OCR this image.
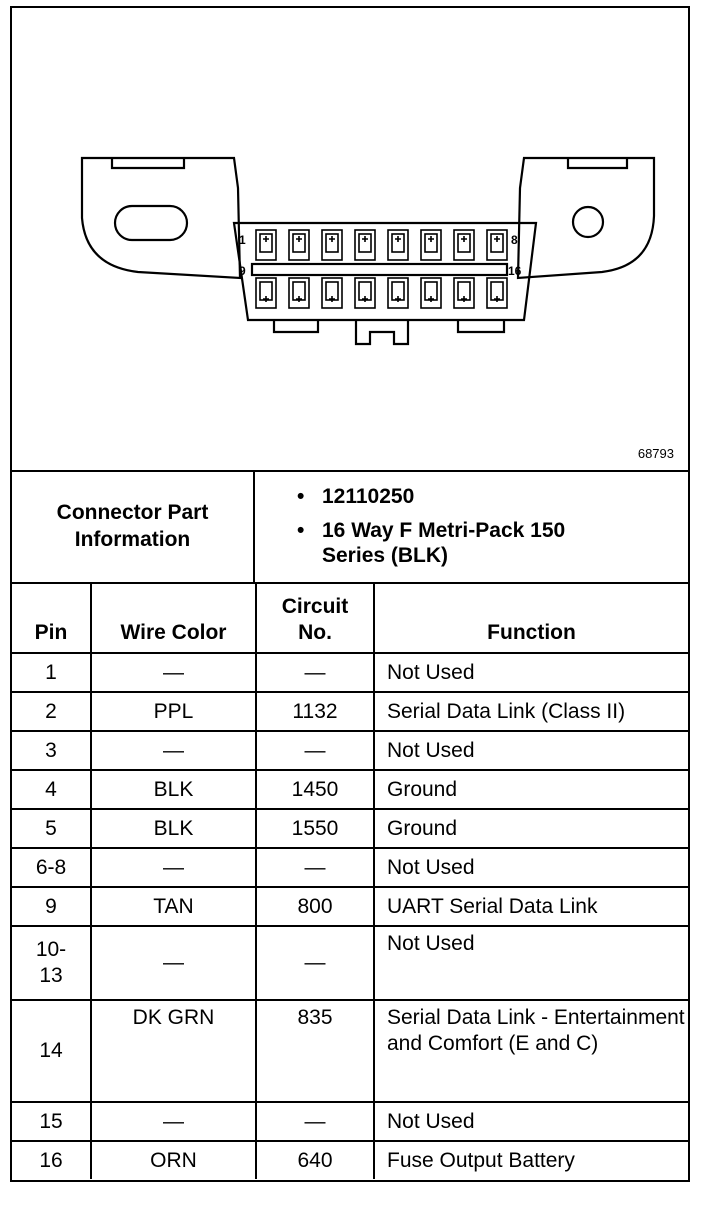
1	8
9	16
68793
Connector Part Information
• 12110250
• 16 Way F Metri-Pack 150 Series (BLK)
Pin	Wire Color	Circuit No.	Function
1	—	—	Not Used
2	PPL	1132	Serial Data Link (Class II)
3	—	—	Not Used
4	BLK	1450	Ground
5	BLK	1550	Ground
6-8	—	—	Not Used
9	TAN	800	UART Serial Data Link
10-13	—	—	Not Used
14	DK GRN	835	Serial Data Link - Entertainment and Comfort (E and C)
15	—	—	Not Used
16	ORN	640	Fuse Output Battery
